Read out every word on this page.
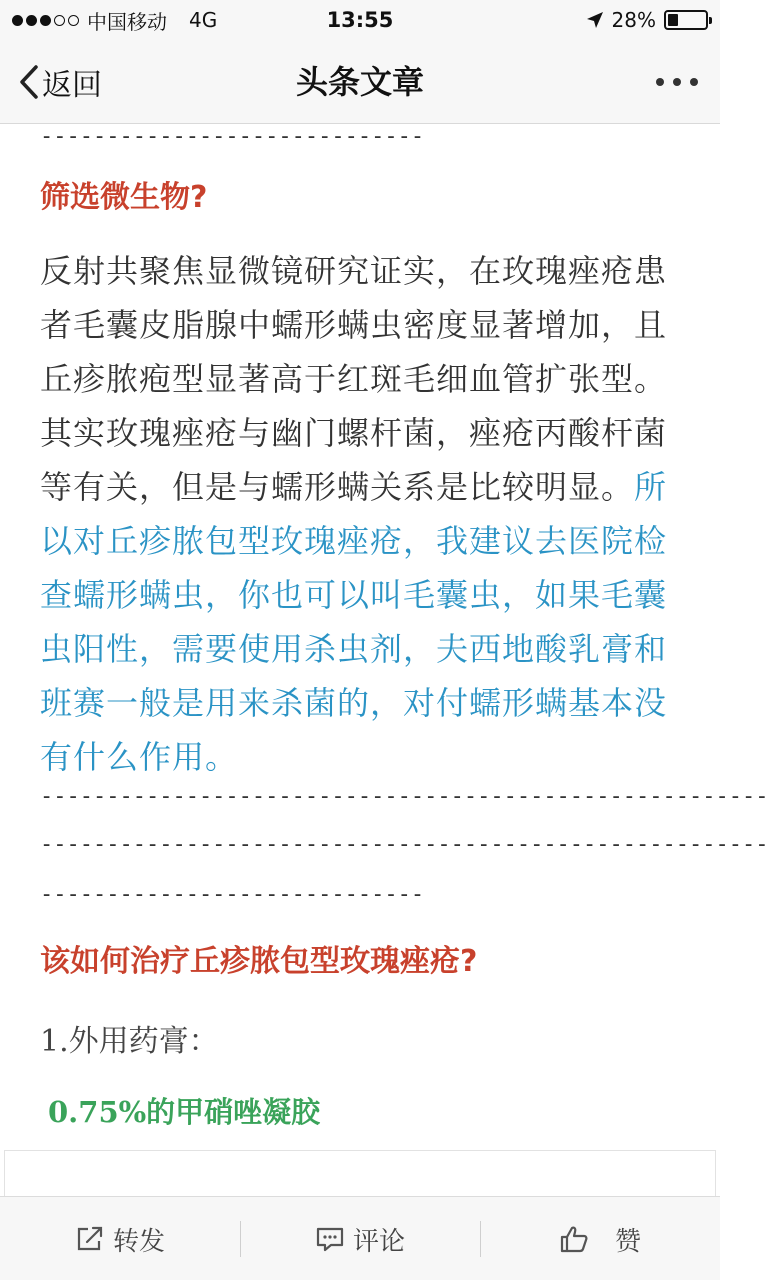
中国移动 4G	13:55	28%
返回	头条文章
-----------------------------
筛选微生物?
反射共聚焦显微镜研究证实，在玫瑰痤疮患者毛囊皮脂腺中蠕形螨虫密度显著增加，且丘疹脓疱型显著高于红斑毛细血管扩张型。其实玫瑰痤疮与幽门螺杆菌，痤疮丙酸杆菌等有关，但是与蠕形螨关系是比较明显。所以对丘疹脓包型玫瑰痤疮，我建议去医院检查蠕形螨虫，你也可以叫毛囊虫，如果毛囊虫阳性，需要使用杀虫剂，夫西地酸乳膏和班赛一般是用来杀菌的，对付蠕形螨基本没有什么作用。
-------------------------------------------------------
-------------------------------------------------------
-----------------------------
该如何治疗丘疹脓包型玫瑰痤疮?
1.外用药膏：
0.75%的甲硝唑凝胶
转发	评论	赞
